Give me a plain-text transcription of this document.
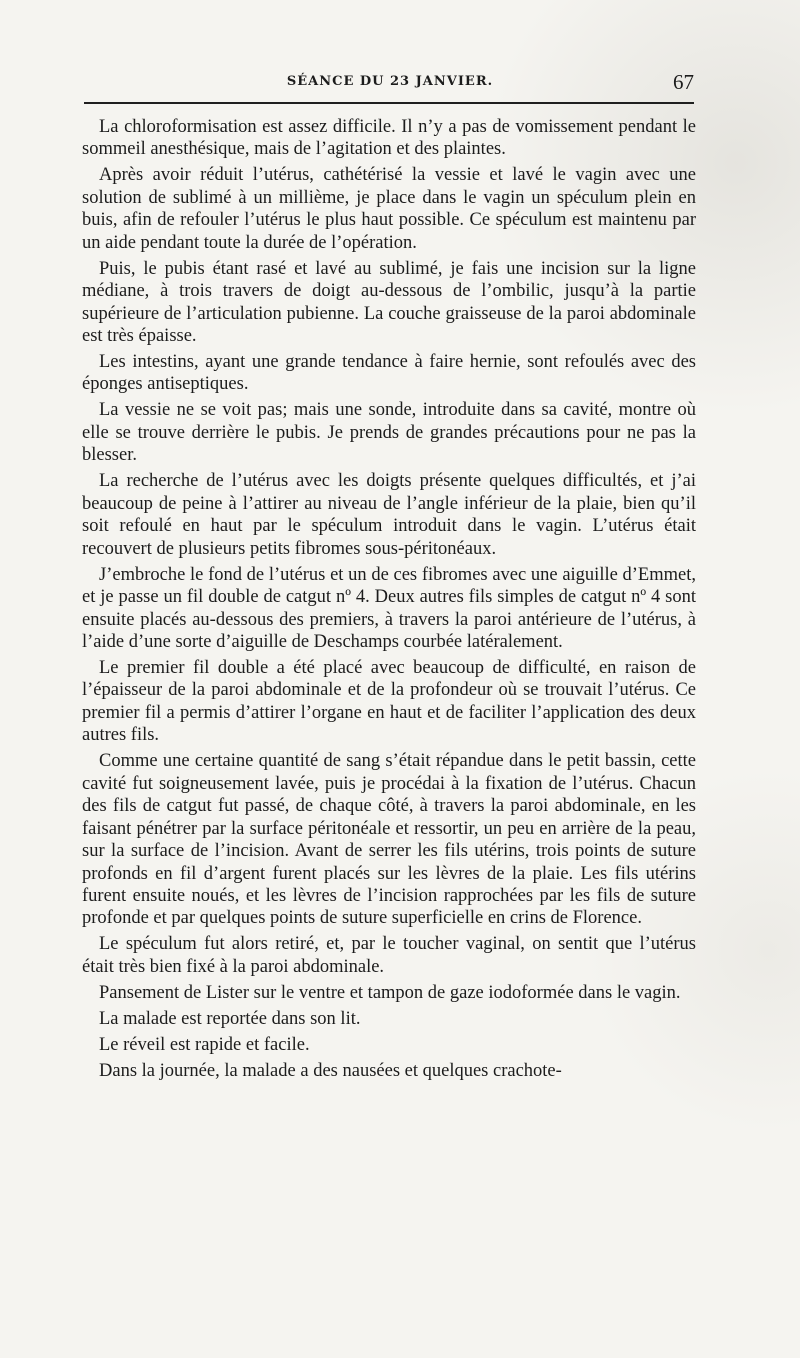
SÉANCE DU 23 JANVIER.	67

La chloroformisation est assez difficile. Il n’y a pas de vomissement pendant le sommeil anesthésique, mais de l’agitation et des plaintes.

Après avoir réduit l’utérus, cathétérisé la vessie et lavé le vagin avec une solution de sublimé à un millième, je place dans le vagin un spéculum plein en buis, afin de refouler l’utérus le plus haut possible. Ce spéculum est maintenu par un aide pendant toute la durée de l’opération.

Puis, le pubis étant rasé et lavé au sublimé, je fais une incision sur la ligne médiane, à trois travers de doigt au-dessous de l’ombilic, jusqu’à la partie supérieure de l’articulation pubienne. La couche graisseuse de la paroi abdominale est très épaisse.

Les intestins, ayant une grande tendance à faire hernie, sont refoulés avec des éponges antiseptiques.

La vessie ne se voit pas; mais une sonde, introduite dans sa cavité, montre où elle se trouve derrière le pubis. Je prends de grandes précautions pour ne pas la blesser.

La recherche de l’utérus avec les doigts présente quelques difficultés, et j’ai beaucoup de peine à l’attirer au niveau de l’angle inférieur de la plaie, bien qu’il soit refoulé en haut par le spéculum introduit dans le vagin. L’utérus était recouvert de plusieurs petits fibromes sous-péritonéaux.

J’embroche le fond de l’utérus et un de ces fibromes avec une aiguille d’Emmet, et je passe un fil double de catgut nº 4. Deux autres fils simples de catgut nº 4 sont ensuite placés au-dessous des premiers, à travers la paroi antérieure de l’utérus, à l’aide d’une sorte d’aiguille de Deschamps courbée latéralement.

Le premier fil double a été placé avec beaucoup de difficulté, en raison de l’épaisseur de la paroi abdominale et de la profondeur où se trouvait l’utérus. Ce premier fil a permis d’attirer l’organe en haut et de faciliter l’application des deux autres fils.

Comme une certaine quantité de sang s’était répandue dans le petit bassin, cette cavité fut soigneusement lavée, puis je procédai à la fixation de l’utérus. Chacun des fils de catgut fut passé, de chaque côté, à travers la paroi abdominale, en les faisant pénétrer par la surface péritonéale et ressortir, un peu en arrière de la peau, sur la surface de l’incision. Avant de serrer les fils utérins, trois points de suture profonds en fil d’argent furent placés sur les lèvres de la plaie. Les fils utérins furent ensuite noués, et les lèvres de l’incision rapprochées par les fils de suture profonde et par quelques points de suture superficielle en crins de Florence.

Le spéculum fut alors retiré, et, par le toucher vaginal, on sentit que l’utérus était très bien fixé à la paroi abdominale.

Pansement de Lister sur le ventre et tampon de gaze iodoformée dans le vagin.

La malade est reportée dans son lit.

Le réveil est rapide et facile.

Dans la journée, la malade a des nausées et quelques crachote-
